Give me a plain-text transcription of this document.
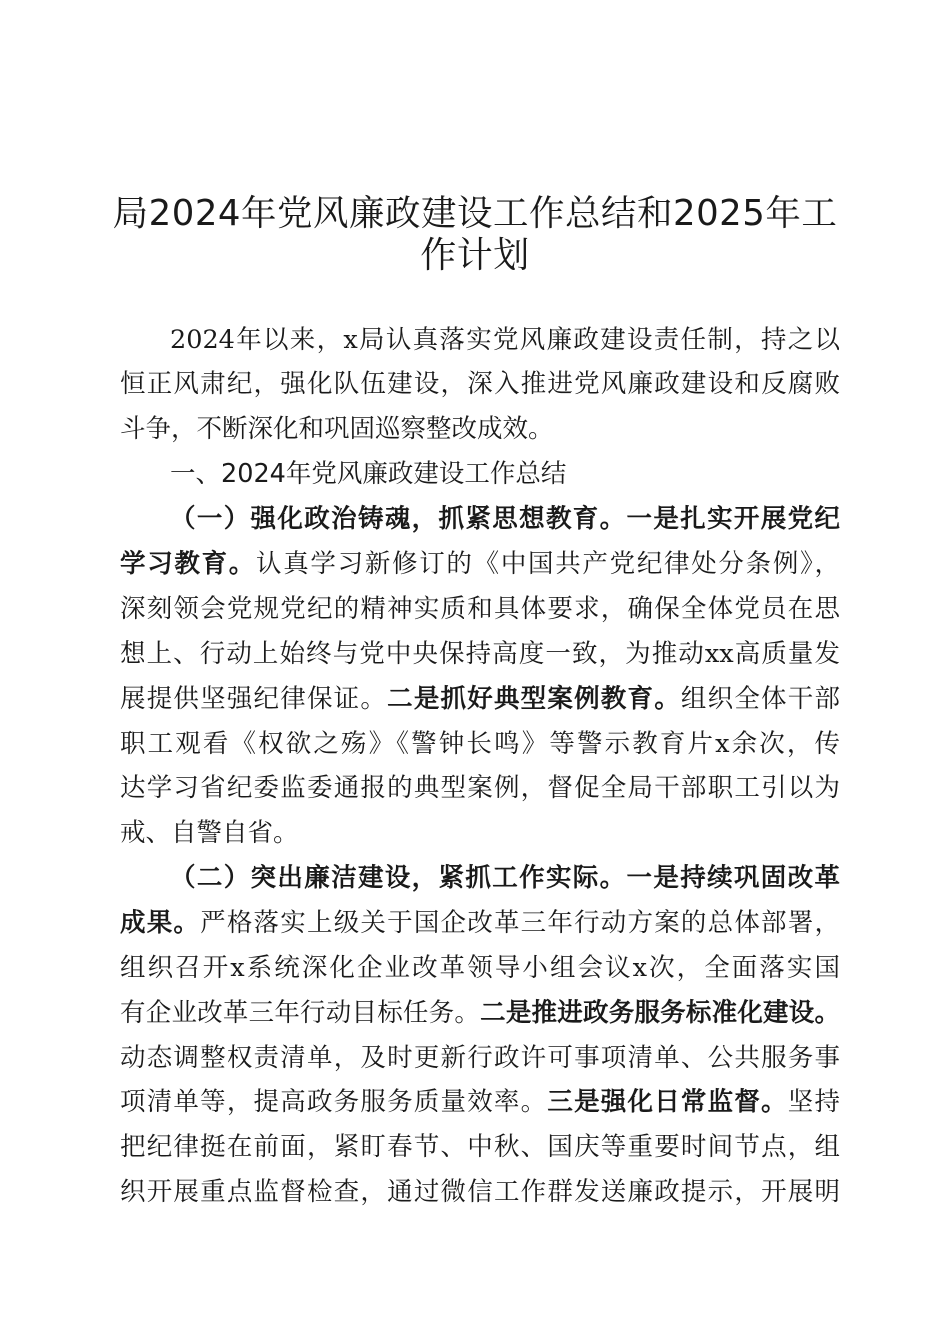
局2024年党风廉政建设工作总结和2025年工
作计划
2024年以来，x局认真落实党风廉政建设责任制，持之以
恒正风肃纪，强化队伍建设，深入推进党风廉政建设和反腐败
斗争，不断深化和巩固巡察整改成效。
一、2024年党风廉政建设工作总结
（一）强化政治铸魂，抓紧思想教育。一是扎实开展党纪
学习教育。认真学习新修订的《中国共产党纪律处分条例》，
深刻领会党规党纪的精神实质和具体要求，确保全体党员在思
想上、行动上始终与党中央保持高度一致，为推动xx高质量发
展提供坚强纪律保证。二是抓好典型案例教育。组织全体干部
职工观看《权欲之殇》《警钟长鸣》等警示教育片x余次，传
达学习省纪委监委通报的典型案例，督促全局干部职工引以为
戒、自警自省。
（二）突出廉洁建设，紧抓工作实际。一是持续巩固改革
成果。严格落实上级关于国企改革三年行动方案的总体部署，
组织召开x系统深化企业改革领导小组会议x次，全面落实国
有企业改革三年行动目标任务。二是推进政务服务标准化建设。
动态调整权责清单，及时更新行政许可事项清单、公共服务事
项清单等，提高政务服务质量效率。三是强化日常监督。坚持
把纪律挺在前面，紧盯春节、中秋、国庆等重要时间节点，组
织开展重点监督检查，通过微信工作群发送廉政提示，开展明
